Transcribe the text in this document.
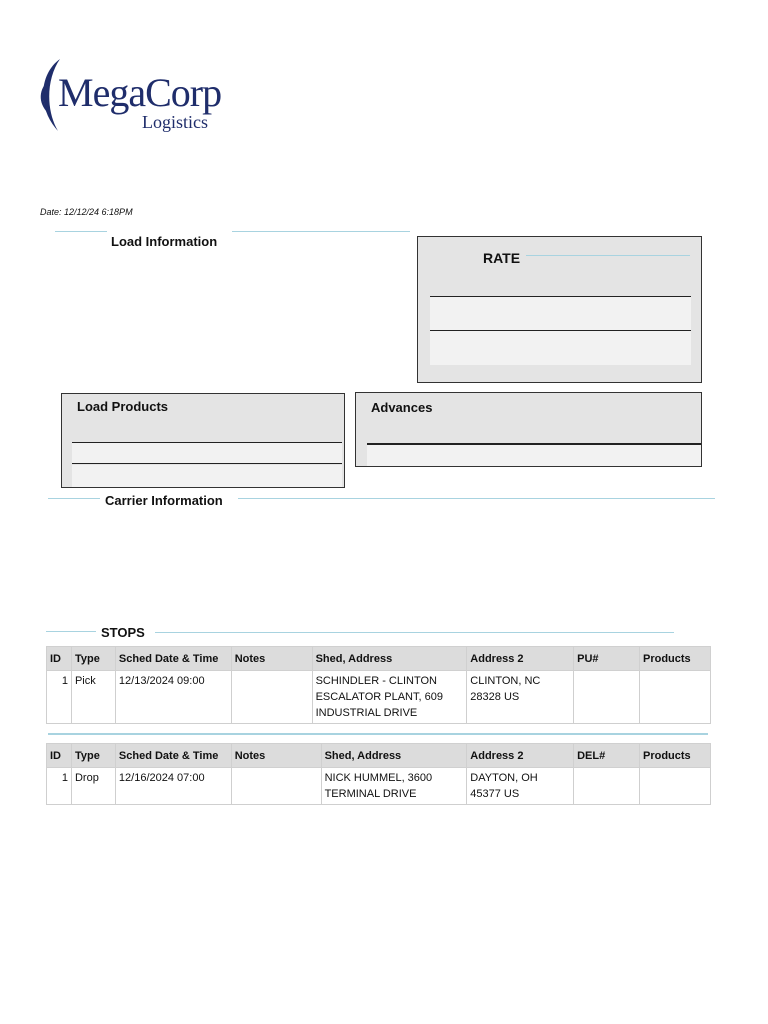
MegaCorp
Logistics
Date: 12/12/24 6:18PM
Load Information
RATE
Load Products	Advances
Carrier Information
STOPS
ID	Type	Sched Date & Time	Notes	Shed, Address	Address 2	PU#	Products
1	Pick	12/13/2024 09:00		SCHINDLER - CLINTON ESCALATOR PLANT, 609 INDUSTRIAL DRIVE	CLINTON, NC 28328 US		
ID	Type	Sched Date & Time	Notes	Shed, Address	Address 2	DEL#	Products
1	Drop	12/16/2024 07:00		NICK HUMMEL, 3600 TERMINAL DRIVE	DAYTON, OH 45377 US		
